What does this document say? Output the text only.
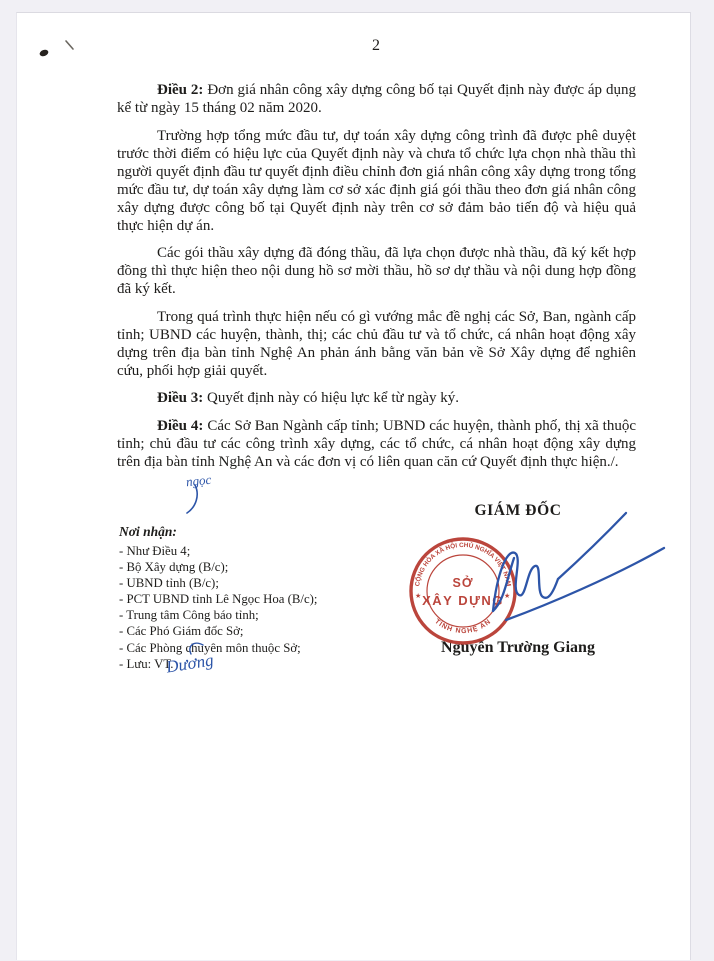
2

Điều 2: Đơn giá nhân công xây dựng công bố tại Quyết định này được áp dụng kể từ ngày 15 tháng 02 năm 2020.

Trường hợp tổng mức đầu tư, dự toán xây dựng công trình đã được phê duyệt trước thời điểm có hiệu lực của Quyết định này và chưa tổ chức lựa chọn nhà thầu thì người quyết định đầu tư quyết định điều chỉnh đơn giá nhân công xây dựng trong tổng mức đầu tư, dự toán xây dựng làm cơ sở xác định giá gói thầu theo đơn giá nhân công xây dựng được công bố tại Quyết định này trên cơ sở đảm bảo tiến độ và hiệu quả thực hiện dự án.

Các gói thầu xây dựng đã đóng thầu, đã lựa chọn được nhà thầu, đã ký kết hợp đồng thì thực hiện theo nội dung hồ sơ mời thầu, hồ sơ dự thầu và nội dung hợp đồng đã ký kết.

Trong quá trình thực hiện nếu có gì vướng mắc đề nghị các Sở, Ban, ngành cấp tỉnh; UBND các huyện, thành, thị; các chủ đầu tư và tổ chức, cá nhân hoạt động xây dựng trên địa bàn tỉnh Nghệ An phản ánh bằng văn bản về Sở Xây dựng để nghiên cứu, phối hợp giải quyết.

Điều 3: Quyết định này có hiệu lực kể từ ngày ký.

Điều 4: Các Sở Ban Ngành cấp tỉnh; UBND các huyện, thành phố, thị xã thuộc tỉnh; chủ đầu tư các công trình xây dựng, các tổ chức, cá nhân hoạt động xây dựng trên địa bàn tỉnh Nghệ An và các đơn vị có liên quan căn cứ Quyết định thực hiện./.

ngọc
GIÁM ĐỐC
Nơi nhận:
- Như Điều 4;
- Bộ Xây dựng (B/c);
- UBND tỉnh (B/c);
- PCT UBND tỉnh Lê Ngọc Hoa (B/c);
- Trung tâm Công báo tỉnh;
- Các Phó Giám đốc Sở;
- Các Phòng chuyên môn thuộc Sở;
- Lưu: VT.
Nguyễn Trường Giang
Dương
CỘNG HÒA XÃ HỘI CHỦ NGHĨA VIỆT NAM
TỈNH NGHỆ AN
★	★
SỞ
XÂY DỰNG
